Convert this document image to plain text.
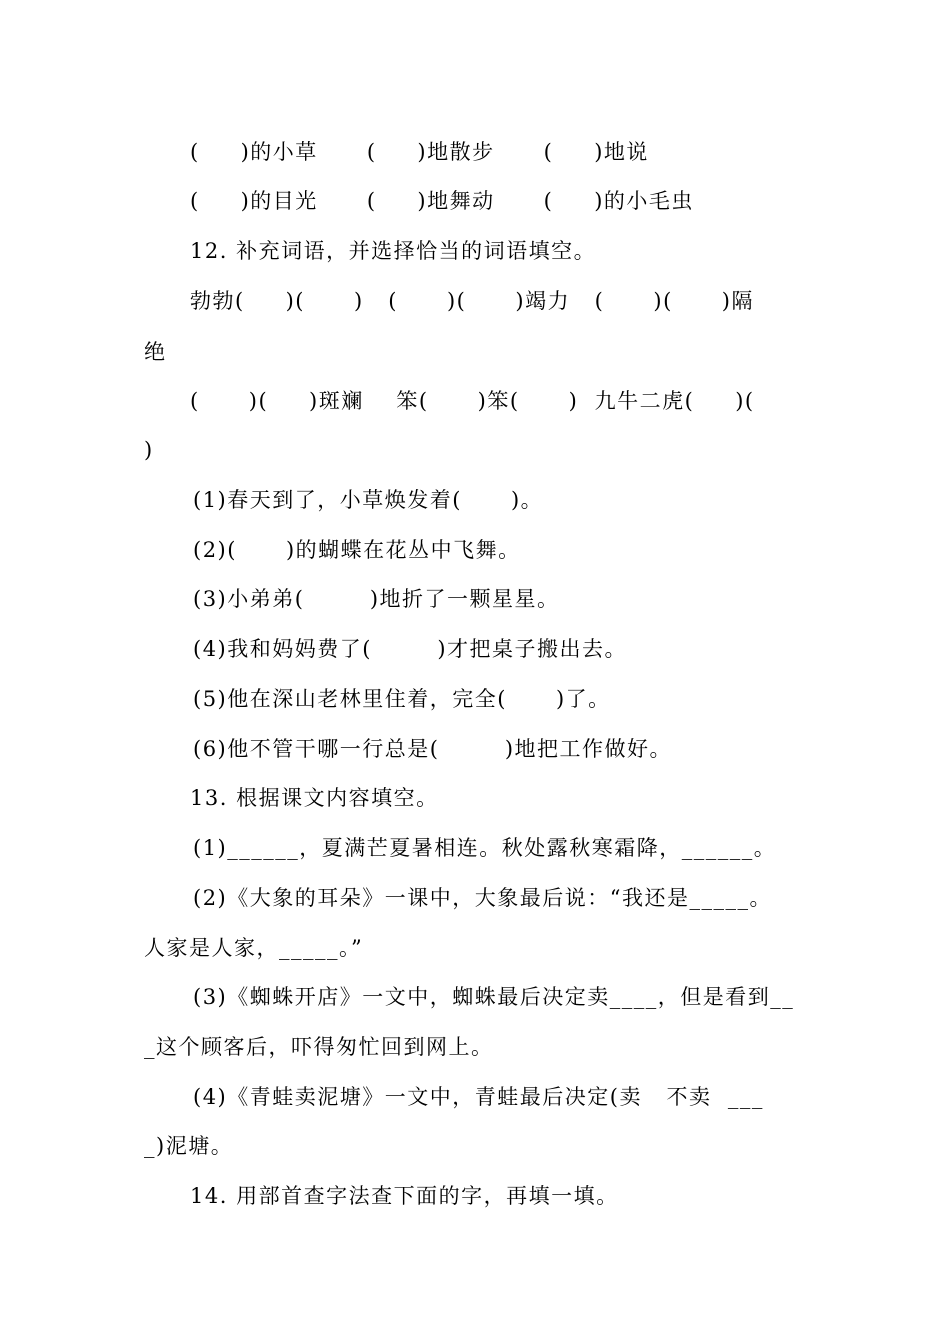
(     )的小草      (     )地散步      (     )地说
(     )的目光      (     )地舞动      (     )的小毛虫
12. 补充词语，并选择恰当的词语填空。
勃勃(     )(      )   (      )(      )竭力   (      )(      )隔
绝
(      )(     )斑斓    笨(      )笨(      )  九牛二虎(     )(
)
(1)春天到了，小草焕发着(      )。
(2)(      )的蝴蝶在花丛中飞舞。
(3)小弟弟(        )地折了一颗星星。
(4)我和妈妈费了(        )才把桌子搬出去。
(5)他在深山老林里住着，完全(      )了。
(6)他不管干哪一行总是(        )地把工作做好。
13. 根据课文内容填空。
(1)______，夏满芒夏暑相连。秋处露秋寒霜降，______。
(2)《大象的耳朵》一课中，大象最后说：“我还是_____。
人家是人家，_____。”
(3)《蜘蛛开店》一文中，蜘蛛最后决定卖____，但是看到__
_这个顾客后，吓得匆忙回到网上。
(4)《青蛙卖泥塘》一文中，青蛙最后决定(卖   不卖  ___
_)泥塘。
14. 用部首查字法查下面的字，再填一填。
